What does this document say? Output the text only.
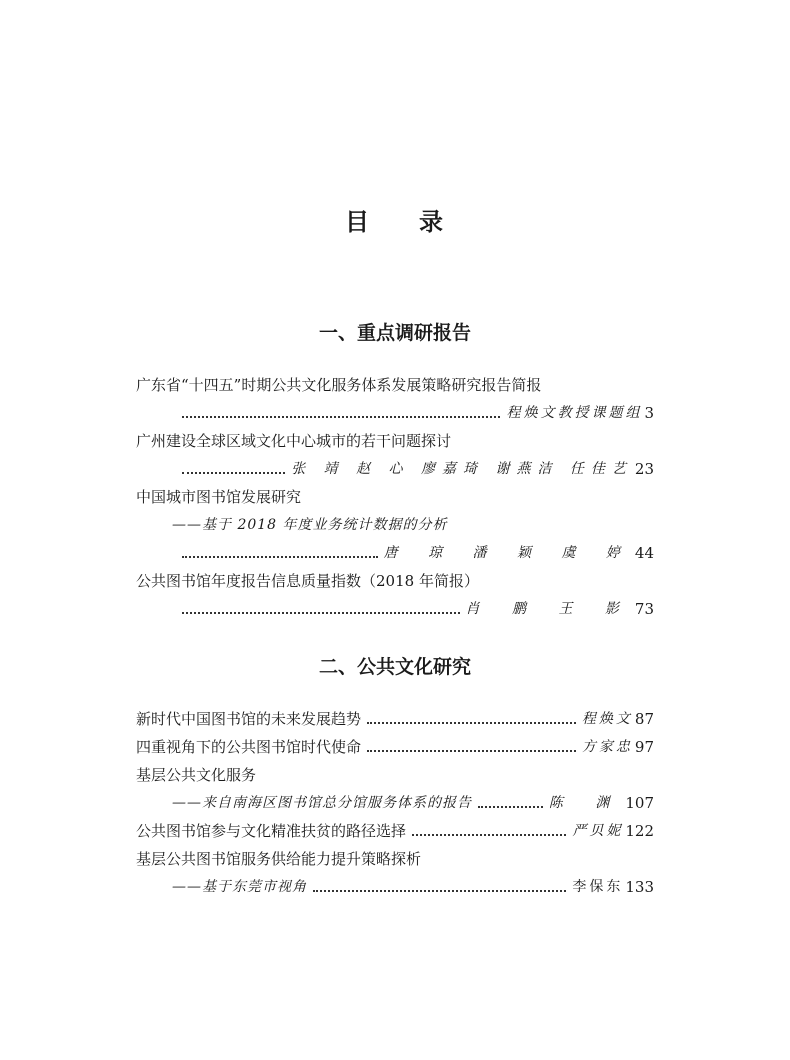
目 录
一、重点调研报告
广东省“十四五”时期公共文化服务体系发展策略研究报告简报
程焕文教授课题组 3
广州建设全球区域文化中心城市的若干问题探讨
张 靖 赵 心 廖嘉琦 谢燕洁 任佳艺 23
中国城市图书馆发展研究
——基于 2018 年度业务统计数据的分析
唐 琼 潘 颖 虞 婷 44
公共图书馆年度报告信息质量指数（2018 年简报）
肖 鹏 王 影 73
二、公共文化研究
新时代中国图书馆的未来发展趋势	程焕文 87
四重视角下的公共图书馆时代使命	方家忠 97
基层公共文化服务
——来自南海区图书馆总分馆服务体系的报告	陈 渊 107
公共图书馆参与文化精准扶贫的路径选择	严贝妮 122
基层公共图书馆服务供给能力提升策略探析
——基于东莞市视角	李保东 133
